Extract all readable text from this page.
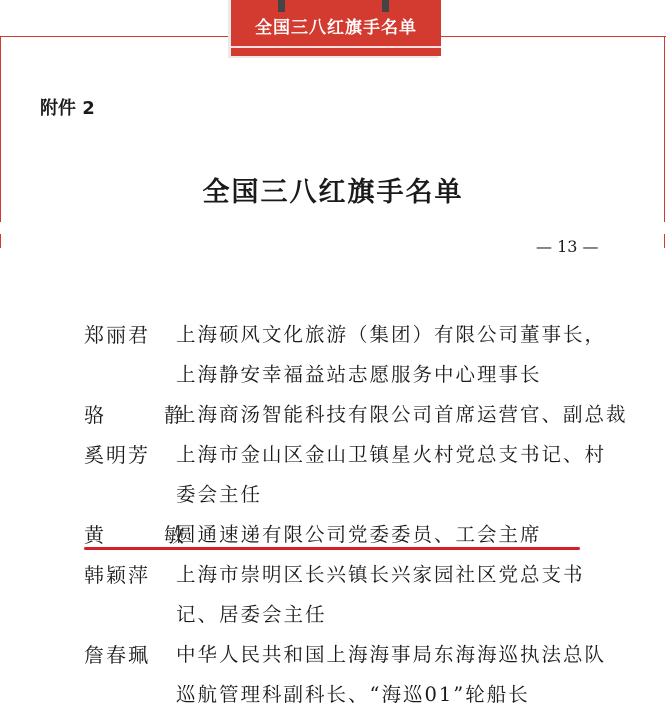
全国三八红旗手名单
附件 2
全国三八红旗手名单
— 13 —
郑丽君 上海硕风文化旅游（集团）有限公司董事长，
上海静安幸福益站志愿服务中心理事长
骆　静
上海商汤智能科技有限公司首席运营官、副总裁
奚明芳 上海市金山区金山卫镇星火村党总支书记、村
委会主任
黄　敏
圆通速递有限公司党委委员、工会主席
韩颖萍 上海市崇明区长兴镇长兴家园社区党总支书
记、居委会主任
詹春珮 中华人民共和国上海海事局东海海巡执法总队
巡航管理科副科长、“海巡01”轮船长
